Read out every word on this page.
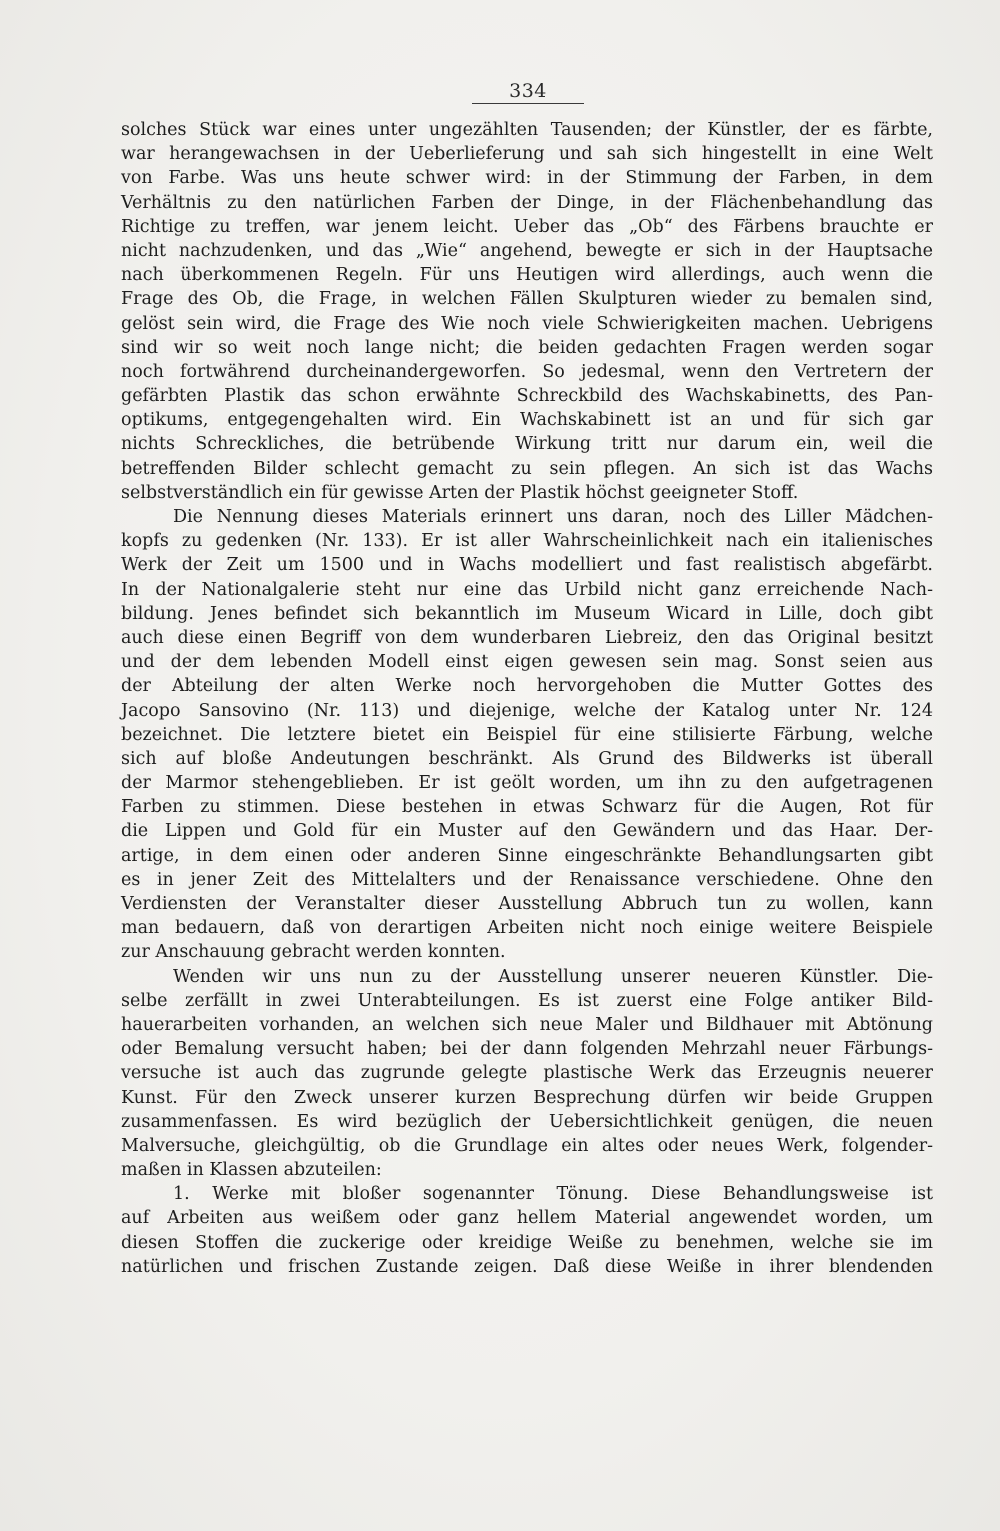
334
solches Stück war eines unter ungezählten Tausenden; der Künstler, der es färbte,
war herangewachsen in der Ueberlieferung und sah sich hingestellt in eine Welt
von Farbe. Was uns heute schwer wird: in der Stimmung der Farben, in dem
Verhältnis zu den natürlichen Farben der Dinge, in der Flächenbehandlung das
Richtige zu treffen, war jenem leicht. Ueber das „Ob“ des Färbens brauchte er
nicht nachzudenken, und das „Wie“ angehend, bewegte er sich in der Hauptsache
nach überkommenen Regeln. Für uns Heutigen wird allerdings, auch wenn die
Frage des Ob, die Frage, in welchen Fällen Skulpturen wieder zu bemalen sind,
gelöst sein wird, die Frage des Wie noch viele Schwierigkeiten machen. Uebrigens
sind wir so weit noch lange nicht; die beiden gedachten Fragen werden sogar
noch fortwährend durcheinandergeworfen. So jedesmal, wenn den Vertretern der
gefärbten Plastik das schon erwähnte Schreckbild des Wachskabinetts, des Pan-
optikums, entgegengehalten wird. Ein Wachskabinett ist an und für sich gar
nichts Schreckliches, die betrübende Wirkung tritt nur darum ein, weil die
betreffenden Bilder schlecht gemacht zu sein pflegen. An sich ist das Wachs
selbstverständlich ein für gewisse Arten der Plastik höchst geeigneter Stoff.
Die Nennung dieses Materials erinnert uns daran, noch des Liller Mädchen-
kopfs zu gedenken (Nr. 133). Er ist aller Wahrscheinlichkeit nach ein italienisches
Werk der Zeit um 1500 und in Wachs modelliert und fast realistisch abgefärbt.
In der Nationalgalerie steht nur eine das Urbild nicht ganz erreichende Nach-
bildung. Jenes befindet sich bekanntlich im Museum Wicard in Lille, doch gibt
auch diese einen Begriff von dem wunderbaren Liebreiz, den das Original besitzt
und der dem lebenden Modell einst eigen gewesen sein mag. Sonst seien aus
der Abteilung der alten Werke noch hervorgehoben die Mutter Gottes des
Jacopo Sansovino (Nr. 113) und diejenige, welche der Katalog unter Nr. 124
bezeichnet. Die letztere bietet ein Beispiel für eine stilisierte Färbung, welche
sich auf bloße Andeutungen beschränkt. Als Grund des Bildwerks ist überall
der Marmor stehengeblieben. Er ist geölt worden, um ihn zu den aufgetragenen
Farben zu stimmen. Diese bestehen in etwas Schwarz für die Augen, Rot für
die Lippen und Gold für ein Muster auf den Gewändern und das Haar. Der-
artige, in dem einen oder anderen Sinne eingeschränkte Behandlungsarten gibt
es in jener Zeit des Mittelalters und der Renaissance verschiedene. Ohne den
Verdiensten der Veranstalter dieser Ausstellung Abbruch tun zu wollen, kann
man bedauern, daß von derartigen Arbeiten nicht noch einige weitere Beispiele
zur Anschauung gebracht werden konnten.
Wenden wir uns nun zu der Ausstellung unserer neueren Künstler. Die-
selbe zerfällt in zwei Unterabteilungen. Es ist zuerst eine Folge antiker Bild-
hauerarbeiten vorhanden, an welchen sich neue Maler und Bildhauer mit Abtönung
oder Bemalung versucht haben; bei der dann folgenden Mehrzahl neuer Färbungs-
versuche ist auch das zugrunde gelegte plastische Werk das Erzeugnis neuerer
Kunst. Für den Zweck unserer kurzen Besprechung dürfen wir beide Gruppen
zusammenfassen. Es wird bezüglich der Uebersichtlichkeit genügen, die neuen
Malversuche, gleichgültig, ob die Grundlage ein altes oder neues Werk, folgender-
maßen in Klassen abzuteilen:
1. Werke mit bloßer sogenannter Tönung. Diese Behandlungsweise ist
auf Arbeiten aus weißem oder ganz hellem Material angewendet worden, um
diesen Stoffen die zuckerige oder kreidige Weiße zu benehmen, welche sie im
natürlichen und frischen Zustande zeigen. Daß diese Weiße in ihrer blendenden
